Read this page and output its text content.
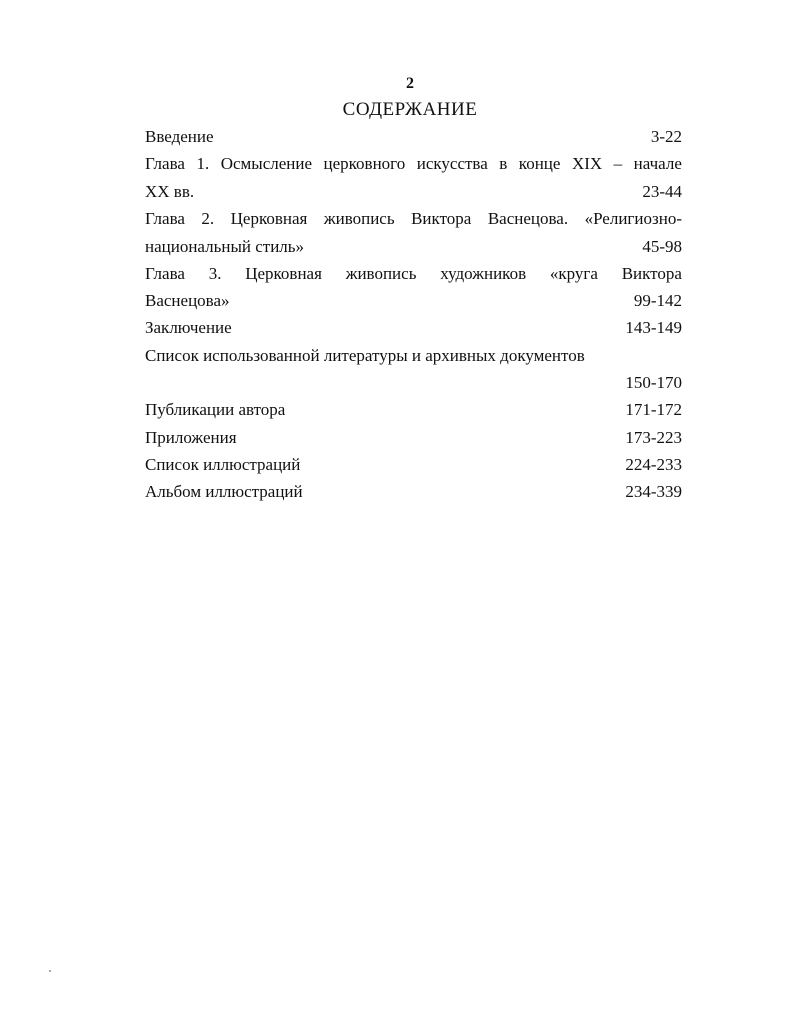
2
СОДЕРЖАНИЕ
Введение	3-22
Глава 1. Осмысление церковного искусства в конце XIX – начале
XX вв.	23-44
Глава 2. Церковная живопись Виктора Васнецова. «Религиозно-
национальный стиль»	45-98
Глава 3. Церковная живопись художников «круга Виктора
Васнецова»	99-142
Заключение	143-149
Список использованной литературы и архивных документов
150-170
Публикации автора	171-172
Приложения	173-223
Список иллюстраций	224-233
Альбом иллюстраций	234-339
